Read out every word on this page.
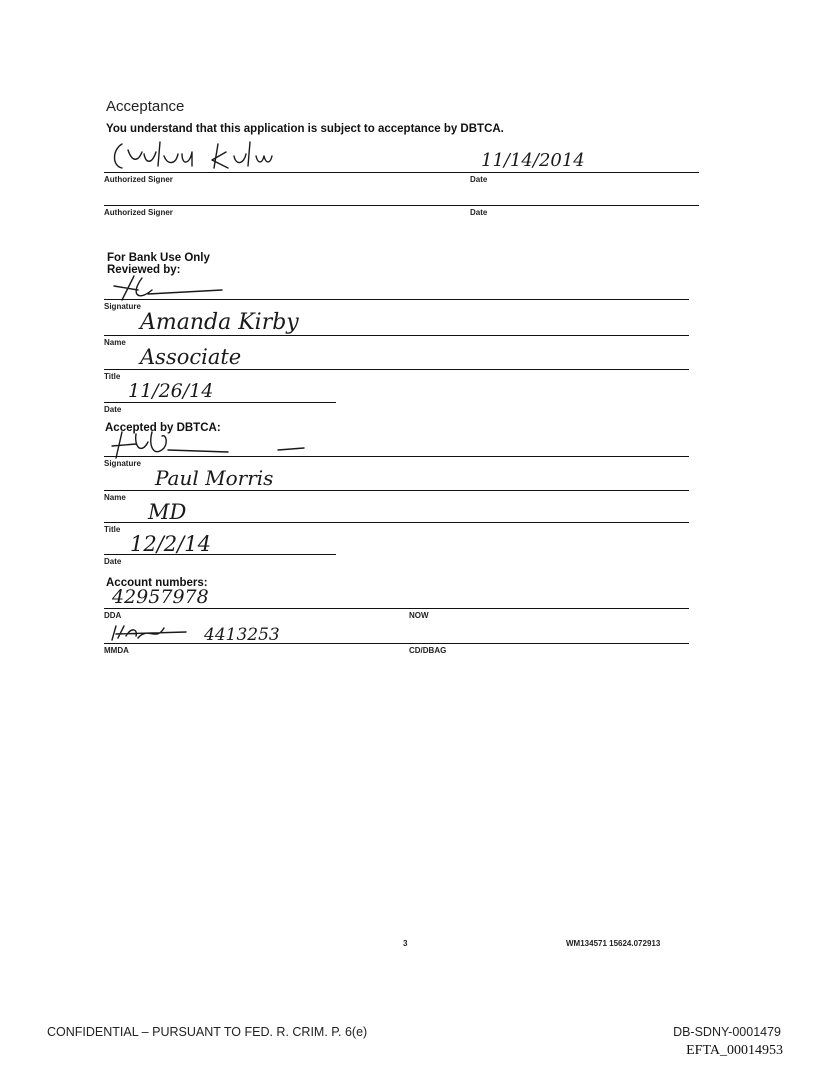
Acceptance
You understand that this application is subject to acceptance by DBTCA.
11/14/2014
Authorized Signer	Date
Authorized Signer	Date
For Bank Use Only
Reviewed by:
Signature
Amanda Kirby
Name
Associate
Title
11/26/14
Date
Accepted by DBTCA:
Signature
Paul Morris
Name
MD
Title
12/2/14
Date
Account numbers:
42957978
DDA	NOW
4413253
MMDA	CD/DBAG
3	WM134571 15624.072913
CONFIDENTIAL – PURSUANT TO FED. R. CRIM. P. 6(e)	DB-SDNY-0001479
EFTA_00014953
